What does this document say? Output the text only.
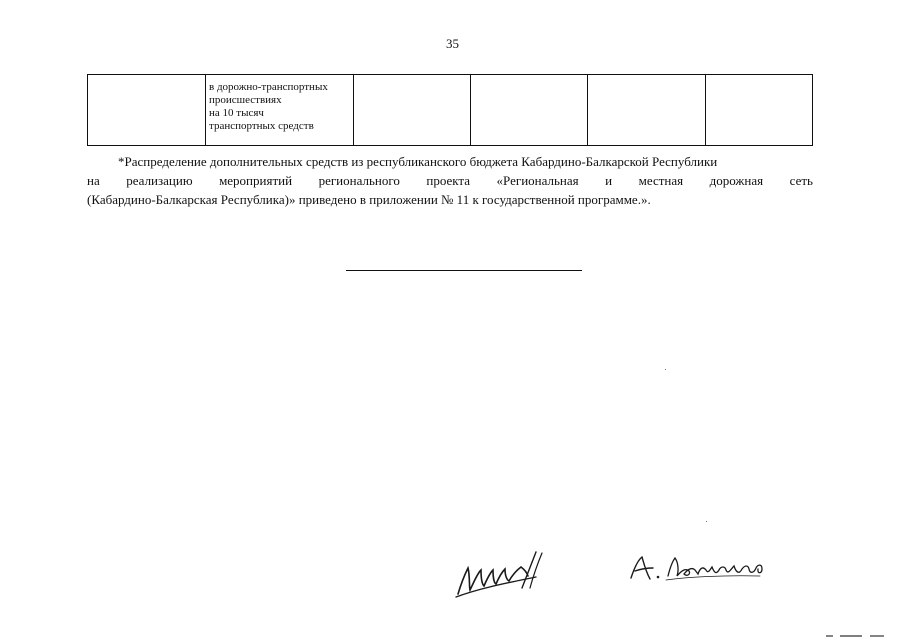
35

в дорожно-транспортных
происшествиях
на 10 тысяч
транспортных средств

*Распределение дополнительных средств из республиканского бюджета Кабардино-Балкарской Республики
на реализацию мероприятий регионального проекта «Региональная и местная дорожная сеть
(Кабардино-Балкарская Республика)» приведено в приложении № 11 к государственной программе.».
